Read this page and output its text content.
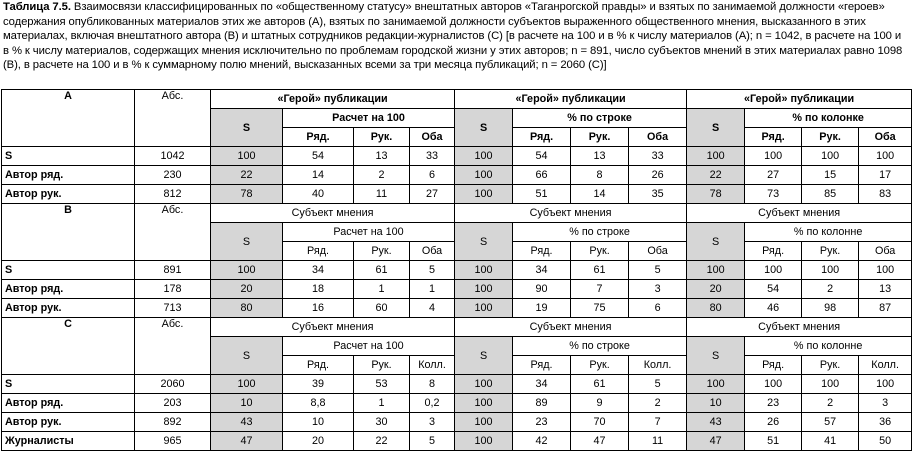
Таблица 7.5. Взаимосвязи классифицированных по «общественному статусу» внештатных авторов «Таганрогской правды» и взятых по занимаемой должности «героев» содержания опубликованных материалов этих же авторов (А), взятых по занимаемой должности субъектов выраженного общественного мнения, высказанного в этих материалах, включая внештатного автора (В) и штатных сотрудников редакции-журналистов (С) [в расчете на 100 и в % к числу материалов (А); n = 1042, в расчете на 100 и в % к числу материалов, содержащих мнения исключительно по проблемам городской жизни у этих авторов; n = 891, число субъектов мнений в этих материалах равно 1098 (В), в расчете на 100 и в % к суммарному полю мнений, высказанных всеми за три месяца публикаций; n = 2060 (С)]
А	Абс.	«Герой» публикации				«Герой» публикации				«Герой» публикации			
		S	Расчет на 100			S	% по строке			S	% по колонке		
			Ряд.	Рук.	Оба		Ряд.	Рук.	Оба		Ряд.	Рук.	Оба
S	1042	100	54	13	33	100	54	13	33	100	100	100	100
Автор ряд.	230	22	14	2	6	100	66	8	26	22	27	15	17
Автор рук.	812	78	40	11	27	100	51	14	35	78	73	85	83
В	Абс.	Субъект мнения				Субъект мнения				Субъект мнения			
		S	Расчет на 100			S	% по строке			S	% по колонне		
			Ряд.	Рук.	Оба		Ряд.	Рук.	Оба		Ряд.	Рук.	Оба
S	891	100	34	61	5	100	34	61	5	100	100	100	100
Автор ряд.	178	20	18	1	1	100	90	7	3	20	54	2	13
Автор рук.	713	80	16	60	4	100	19	75	6	80	46	98	87
С	Абс.	Субъект мнения				Субъект мнения				Субъект мнения			
		S	Расчет на 100			S	% по строке			S	% по колонне		
			Ряд.	Рук.	Колл.		Ряд.	Рук.	Колл.		Ряд.	Рук.	Колл.
S	2060	100	39	53	8	100	34	61	5	100	100	100	100
Автор ряд.	203	10	8,8	1	0,2	100	89	9	2	10	23	2	3
Автор рук.	892	43	10	30	3	100	23	70	7	43	26	57	36
Журналисты	965	47	20	22	5	100	42	47	11	47	51	41	50
